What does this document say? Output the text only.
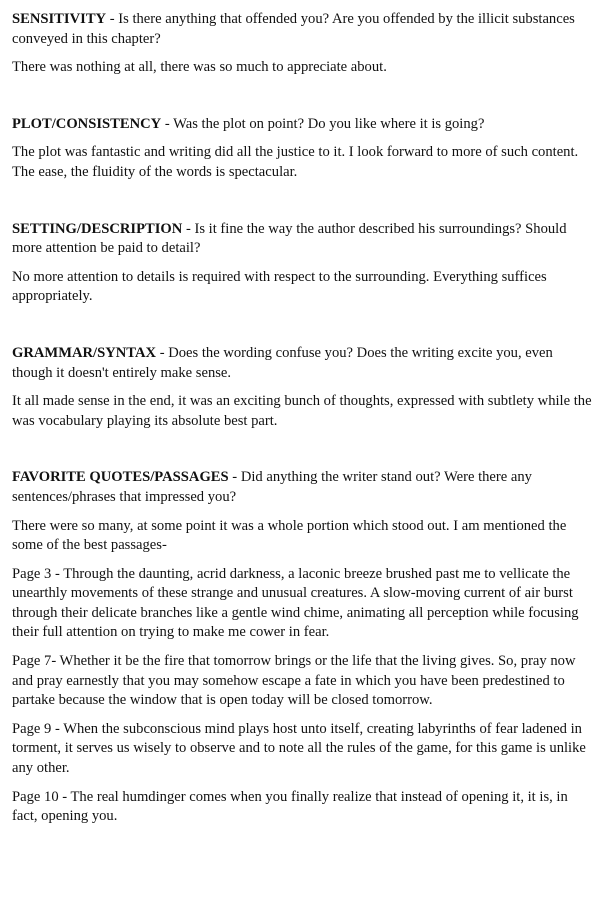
SENSITIVITY - Is there anything that offended you? Are you offended by the illicit substances conveyed in this chapter?

There was nothing at all, there was so much to appreciate about.

PLOT/CONSISTENCY - Was the plot on point? Do you like where it is going?

The plot was fantastic and writing did all the justice to it. I look forward to more of such content. The ease, the fluidity of the words is spectacular.

SETTING/DESCRIPTION - Is it fine the way the author described his surroundings? Should more attention be paid to detail?

No more attention to details is required with respect to the surrounding. Everything suffices appropriately.

GRAMMAR/SYNTAX - Does the wording confuse you? Does the writing excite you, even though it doesn't entirely make sense.

It all made sense in the end, it was an exciting bunch of thoughts, expressed with subtlety while the was vocabulary playing its absolute best part.

FAVORITE QUOTES/PASSAGES - Did anything the writer stand out? Were there any sentences/phrases that impressed you?

There were so many, at some point it was a whole portion which stood out. I am mentioned the some of the best passages-

Page 3 - Through the daunting, acrid darkness, a laconic breeze brushed past me to vellicate the unearthly movements of these strange and unusual creatures. A slow-moving current of air burst through their delicate branches like a gentle wind chime, animating all perception while focusing their full attention on trying to make me cower in fear.

Page 7- Whether it be the fire that tomorrow brings or the life that the living gives. So, pray now and pray earnestly that you may somehow escape a fate in which you have been predestined to partake because the window that is open today will be closed tomorrow.

Page 9 - When the subconscious mind plays host unto itself, creating labyrinths of fear ladened in torment, it serves us wisely to observe and to note all the rules of the game, for this game is unlike any other.

Page 10 - The real humdinger comes when you finally realize that instead of opening it, it is, in fact, opening you.
